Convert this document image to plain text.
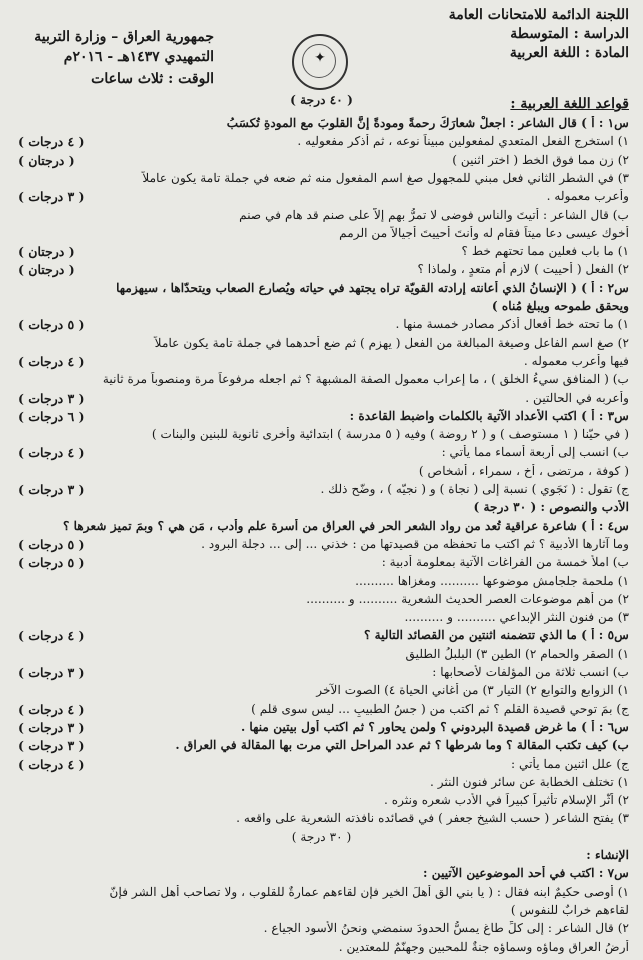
اللجنة الدائمة للامتحانات العامة
الدراسة : المتوسطة
المادة : اللغة العربية
جمهورية العراق – وزارة التربية
التمهيدي ١٤٣٧هـ - ٢٠١٦م
الوقت : ثلاث ساعات
✦
قواعد اللغة العربية :
( ٤٠ درجة )
س١ : أ ) قال الشاعر : اجعلْ شعارَكَ رحمةً ومودةً إنَّ القلوبَ مع المودةِ تُكسَبُ
١) استخرج الفعل المتعدي لمفعولين مبيناً نوعه ، ثم أذكر مفعوليه .
( ٤ درجات )
٢) زن مما فوق الخط ( اختر اثنين )
( درجتان )
٣) في الشطر الثاني فعل مبني للمجهول صغ اسم المفعول منه ثم ضعه في جملة تامة يكون عاملاً
وأعرب معموله .
( ٣ درجات )
ب) قال الشاعر : أتيتَ والناس فوضى لا تمرُّ بهم إلاَّ على صنم قد هام في صنم
أخوك عيسى دعا ميتاً فقام له وأنتَ أحييتَ أجيالاً من الرمم
١) ما باب فعلين مما تحتهم خط ؟
( درجتان )
٢) الفعل ( أحييت ) لازم أم متعدٍ ، ولماذا ؟
( درجتان )
س٢ : أ ) ( الإنسانُ الذي أعانته إرادته القويّة تراه يجتهد في حياته ويُصارع الصعاب ويتحدّاها ، سيهزمها
ويحقق طموحه ويبلغ مُناه )
١) ما تحته خط أفعال أذكر مصادر خمسة منها .
( ٥ درجات )
٢) صغ اسم الفاعل وصيغة المبالغة من الفعل ( يهزم ) ثم ضع أحدهما في جملة تامة يكون عاملاً
فيها وأعرب معموله .
( ٤ درجات )
ب) ( المنافق سيءُ الخلق ) ، ما إعراب معمول الصفة المشبهة ؟ ثم اجعله مرفوعاً مرة ومنصوباً مرة ثانية
وأعربه في الحالتين .
( ٣ درجات )
س٣ : أ ) اكتب الأعداد الآتية بالكلمات واضبط القاعدة :
( ٦ درجات )
( في حيّنا ( ١ مستوصف ) و ( ٢ روضة ) وفيه ( ٥ مدرسة ) ابتدائية وأخرى ثانوية للبنين والبنات )
ب) انسب إلى أربعة أسماء مما يأتي :
( ٤ درجات )
( كوفة ، مرتضى ، أخ ، سمراء ، أشخاص )
ج) تقول : ( نَجَوي ) نسبة إلى ( نجاة ) و ( نجيّه ) ، وضّح ذلك .
( ٣ درجات )
الأدب والنصوص : ( ٣٠ درجة )
س٤ : أ ) شاعرة عراقية تُعد من رواد الشعر الحر في العراق من أسرة علم وأدب ، مَن هي ؟ وبمَ تميز شعرها ؟
وما آثارها الأدبية ؟ ثم اكتب ما تحفظه من قصيدتها من : خذني ... إلى ... دجلة البرود .
( ٥ درجات )
ب) املأ خمسة من الفراغات الآتية بمعلومة أدبية :
( ٥ درجات )
١) ملحمة جلجامش موضوعها .......... ومغزاها ..........
٢) من أهم موضوعات العصر الحديث الشعرية .......... و ..........
٣) من فنون النثر الإبداعي .......... و ..........
س٥ : أ ) ما الذي تتضمنه اثنتين من القصائد التالية ؟
( ٤ درجات )
١) الصقر والحمام ٢) الطين ٣) البلبلُ الطليق
ب) انسب ثلاثة من المؤلفات لأصحابها :
( ٣ درجات )
١) الزوابع والتوابع ٢) التيار ٣) من أغاني الحياة ٤) الصوت الآخر
ج) بمَ توحي قصيدة القلم ؟ ثم اكتب من ( جسُ الطبيبِ ... ليس سوى قلم )
( ٤ درجات )
س٦ : أ ) ما غرض قصيدة البردوني ؟ ولمن يحاور ؟ ثم اكتب أول بيتين منها .
( ٣ درجات )
ب) كيف تكتب المقالة ؟ وما شرطها ؟ ثم عدد المراحل التي مرت بها المقالة في العراق .
( ٣ درجات )
ج) علل اثنين مما يأتي :
( ٤ درجات )
١) تختلف الخطابة عن سائر فنون النثر .
٢) أثَّر الإسلام تأثيراً كبيراً في الأدب شعره ونثره .
٣) يفتح الشاعر ( حسب الشيخ جعفر ) في قصائده نافذته الشعرية على واقعه .
( ٣٠ درجة )
الإنشاء :
س٧ : اكتب في أحد الموضوعين الآتيين :
١) أوصى حكيمٌ ابنه فقال : ( يا بني الق أهلَ الخير فإن لقاءهم عمارةٌ للقلوب ، ولا تصاحب أهل الشر فإنّ
لقاءهم خرابٌ للنفوس )
٢) قال الشاعر : إلى كلِّ طاغٍ يمسُّ الحدودَ سنمضي ونحنُ الأسود الجياع .
أرضُ العراق وماؤه وسماؤه جنةٌ للمحبين وجهنّمٌ للمعتدين .
